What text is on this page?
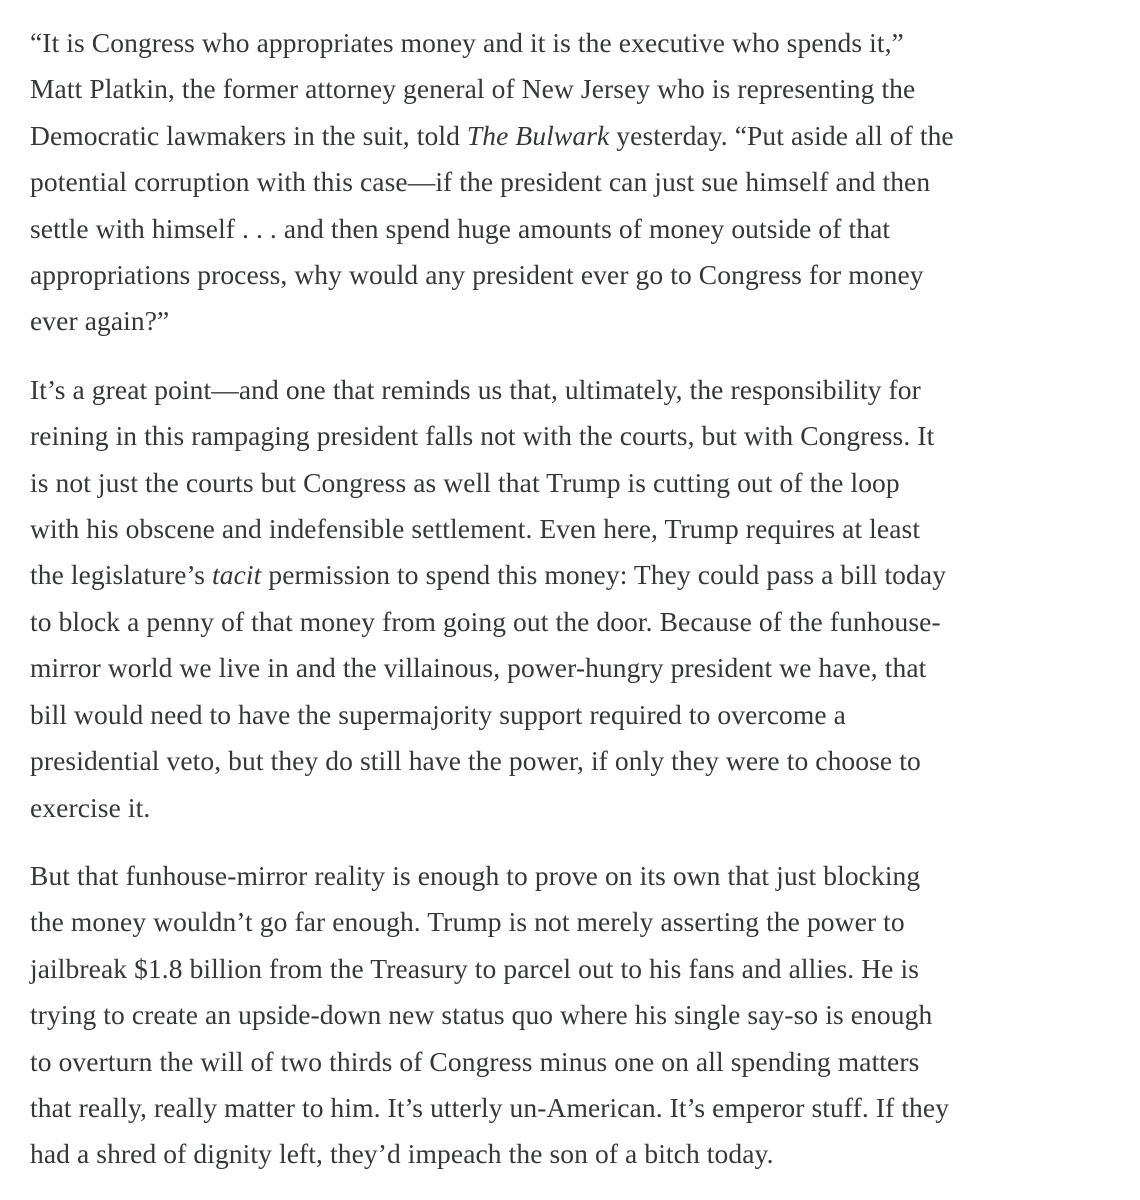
“It is Congress who appropriates money and it is the executive who spends it,”
Matt Platkin, the former attorney general of New Jersey who is representing the
Democratic lawmakers in the suit, told The Bulwark yesterday. “Put aside all of the
potential corruption with this case—if the president can just sue himself and then
settle with himself . . . and then spend huge amounts of money outside of that
appropriations process, why would any president ever go to Congress for money
ever again?”

It’s a great point—and one that reminds us that, ultimately, the responsibility for
reining in this rampaging president falls not with the courts, but with Congress. It
is not just the courts but Congress as well that Trump is cutting out of the loop
with his obscene and indefensible settlement. Even here, Trump requires at least
the legislature’s tacit permission to spend this money: They could pass a bill today
to block a penny of that money from going out the door. Because of the funhouse-
mirror world we live in and the villainous, power-hungry president we have, that
bill would need to have the supermajority support required to overcome a
presidential veto, but they do still have the power, if only they were to choose to
exercise it.

But that funhouse-mirror reality is enough to prove on its own that just blocking
the money wouldn’t go far enough. Trump is not merely asserting the power to
jailbreak $1.8 billion from the Treasury to parcel out to his fans and allies. He is
trying to create an upside-down new status quo where his single say-so is enough
to overturn the will of two thirds of Congress minus one on all spending matters
that really, really matter to him. It’s utterly un-American. It’s emperor stuff. If they
had a shred of dignity left, they’d impeach the son of a bitch today.
